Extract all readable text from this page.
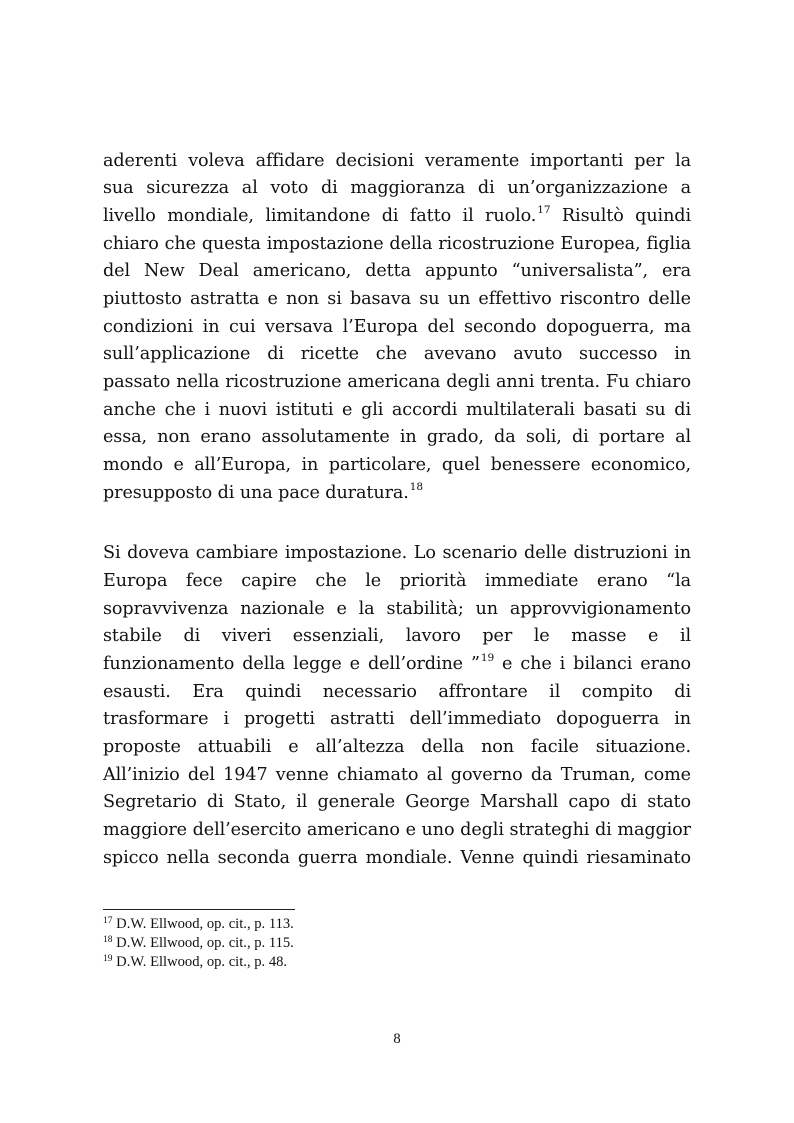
aderenti voleva affidare decisioni veramente importanti per la
sua sicurezza al voto di maggioranza di un’organizzazione a
livello mondiale, limitandone di fatto il ruolo.$^{17}$ Risultò quindi
chiaro che questa impostazione della ricostruzione Europea, figlia
del New Deal americano, detta appunto “universalista”, era
piuttosto astratta e non si basava su un effettivo riscontro delle
condizioni in cui versava l’Europa del secondo dopoguerra, ma
sull’applicazione di ricette che avevano avuto successo in
passato nella ricostruzione americana degli anni trenta. Fu chiaro
anche che i nuovi istituti e gli accordi multilaterali basati su di
essa, non erano assolutamente in grado, da soli, di portare al
mondo e all’Europa, in particolare, quel benessere economico,
presupposto di una pace duratura.$^{18}$
Si doveva cambiare impostazione. Lo scenario delle distruzioni in
Europa fece capire che le priorità immediate erano “la
sopravvivenza nazionale e la stabilità; un approvvigionamento
stabile di viveri essenziali, lavoro per le masse e il
funzionamento della legge e dell’ordine ”$^{19}$ e che i bilanci erano
esausti. Era quindi necessario affrontare il compito di
trasformare i progetti astratti dell’immediato dopoguerra in
proposte attuabili e all’altezza della non facile situazione.
All’inizio del 1947 venne chiamato al governo da Truman, come
Segretario di Stato, il generale George Marshall capo di stato
maggiore dell’esercito americano e uno degli strateghi di maggior
spicco nella seconda guerra mondiale. Venne quindi riesaminato
$^{17}$ D.W. Ellwood, op. cit., p. 113.
$^{18}$ D.W. Ellwood, op. cit., p. 115.
$^{19}$ D.W. Ellwood, op. cit., p. 48.
8
